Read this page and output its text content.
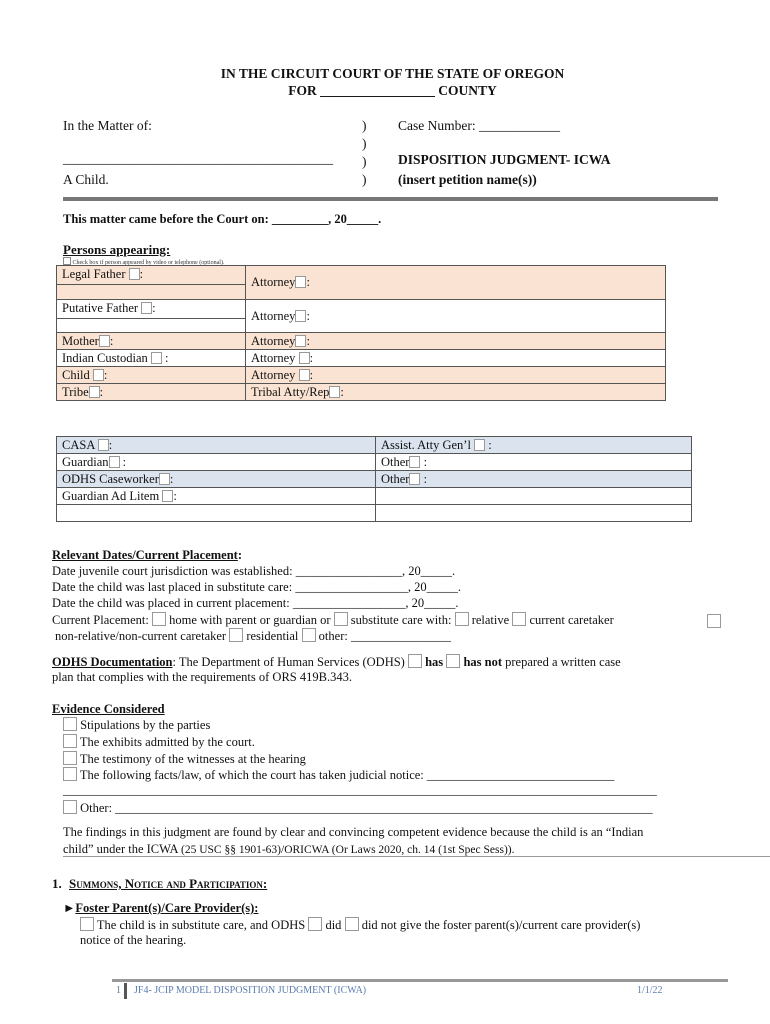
IN THE CIRCUIT COURT OF THE STATE OF OREGON
FOR _________________ COUNTY
In the Matter of:
________________________________________
A Child.
)
)
)
)
Case Number: ____________
DISPOSITION JUDGMENT- ICWA
(insert petition name(s))
This matter came before the Court on: _________, 20_____.
Persons appearing:
Check box if person appeared by video or telephone (optional).
Legal Father :	Attorney :

Putative Father :	Attorney :
Mother :	Attorney :
Indian Custodian :	Attorney :
Child :	Attorney :
Tribe :	Tribal Atty/Rep :
CASA :	Assist. Atty Gen’l :
Guardian :	Other :
ODHS Caseworker :	Other :
Guardian Ad Litem :	

Relevant Dates/Current Placement:
Date juvenile court jurisdiction was established: _________________, 20_____.
Date the child was last placed in substitute care: __________________, 20_____.
Date the child was placed in current placement: __________________, 20_____.
Current Placement: home with parent or guardian or substitute care with: relative current caretaker
non-relative/non-current caretaker residential other: ________________
ODHS Documentation: The Department of Human Services (ODHS) has has not prepared a written case
plan that complies with the requirements of ORS 419B.343.
Evidence Considered
Stipulations by the parties
The exhibits admitted by the court.
The testimony of the witnesses at the hearing
The following facts/law, of which the court has taken judicial notice: ______________________________
_______________________________________________________________________________________________
Other: ______________________________________________________________________________________
The findings in this judgment are found by clear and convincing competent evidence because the child is an “Indian
child” under the ICWA (25 USC §§ 1901-63)/ORICWA (Or Laws 2020, ch. 14 (1st Spec Sess)).
1. Summons, Notice and Participation:
►Foster Parent(s)/Care Provider(s):
The child is in substitute care, and ODHS did did not give the foster parent(s)/current care provider(s)
notice of the hearing.
1 JF4- JCIP MODEL DISPOSITION JUDGMENT (ICWA)	1/1/22
